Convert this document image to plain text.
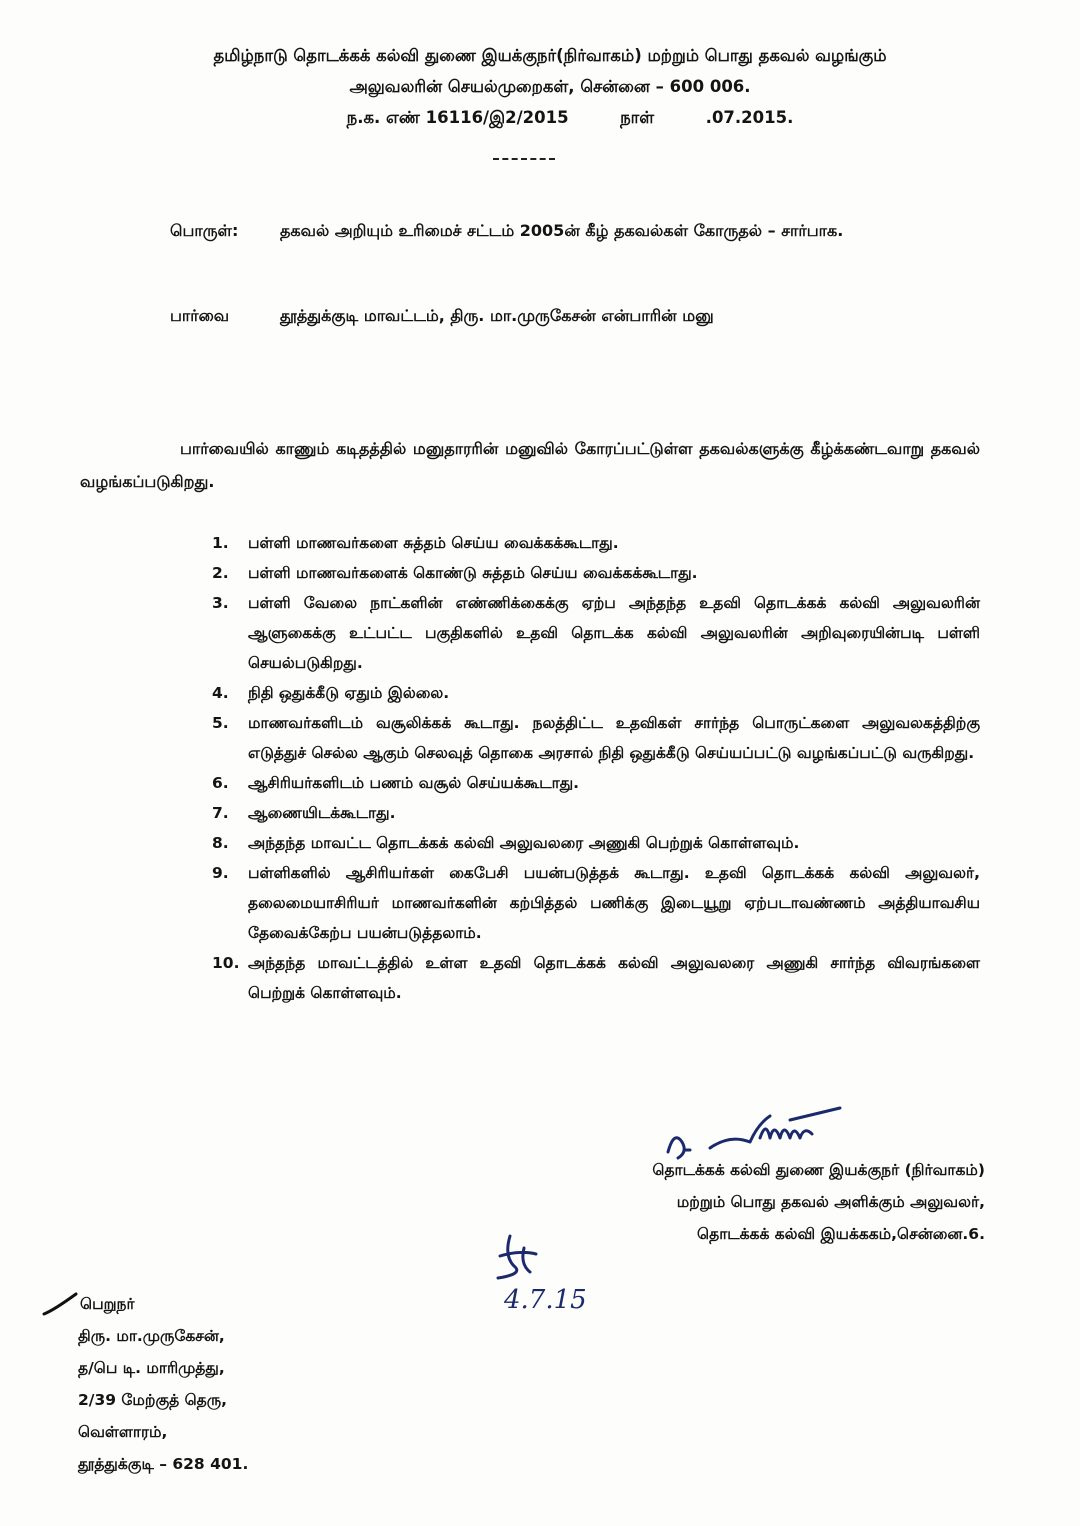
தமிழ்நாடு தொடக்கக் கல்வி துணை இயக்குநர்(நிர்வாகம்) மற்றும் பொது தகவல் வழங்கும்
அலுவலரின் செயல்முறைகள், சென்னை – 600 006.
ந.க. எண் 16116/இ2/2015	நாள்	.07.2015.
பொருள்:	தகவல் அறியும் உரிமைச் சட்டம் 2005ன் கீழ் தகவல்கள் கோருதல் – சார்பாக.
பார்வை	தூத்துக்குடி மாவட்டம், திரு. மா.முருகேசன் என்பாரின் மனு
பார்வையில் காணும் கடிதத்தில் மனுதாரரின் மனுவில் கோரப்பட்டுள்ள தகவல்களுக்கு கீழ்க்கண்டவாறு தகவல் வழங்கப்படுகிறது.
1.	பள்ளி மாணவர்களை சுத்தம் செய்ய வைக்கக்கூடாது.
2.	பள்ளி மாணவர்களைக் கொண்டு சுத்தம் செய்ய வைக்கக்கூடாது.
3.	பள்ளி வேலை நாட்களின் எண்ணிக்கைக்கு ஏற்ப அந்தந்த உதவி தொடக்கக் கல்வி அலுவலரின் ஆளுகைக்கு உட்பட்ட பகுதிகளில் உதவி தொடக்க கல்வி அலுவலரின் அறிவுரையின்படி பள்ளி செயல்படுகிறது.
4.	நிதி ஒதுக்கீடு ஏதும் இல்லை.
5.	மாணவர்களிடம் வசூலிக்கக் கூடாது. நலத்திட்ட உதவிகள் சார்ந்த பொருட்களை அலுவலகத்திற்கு எடுத்துச் செல்ல ஆகும் செலவுத் தொகை அரசால் நிதி ஒதுக்கீடு செய்யப்பட்டு வழங்கப்பட்டு வருகிறது.
6.	ஆசிரியர்களிடம் பணம் வசூல் செய்யக்கூடாது.
7.	ஆணையிடக்கூடாது.
8.	அந்தந்த மாவட்ட தொடக்கக் கல்வி அலுவலரை அணுகி பெற்றுக் கொள்ளவும்.
9.	பள்ளிகளில் ஆசிரியர்கள் கைபேசி பயன்படுத்தக் கூடாது. உதவி தொடக்கக் கல்வி அலுவலர், தலைமையாசிரியர் மாணவர்களின் கற்பித்தல் பணிக்கு இடையூறு ஏற்படாவண்ணம் அத்தியாவசிய தேவைக்கேற்ப பயன்படுத்தலாம்.
10. அந்தந்த மாவட்டத்தில் உள்ள உதவி தொடக்கக் கல்வி அலுவலரை அணுகி சார்ந்த விவரங்களை பெற்றுக் கொள்ளவும்.
தொடக்கக் கல்வி துணை இயக்குநர் (நிர்வாகம்)
மற்றும் பொது தகவல் அளிக்கும் அலுவலர்,
தொடக்கக் கல்வி இயக்ககம்,சென்னை.6.
4.7.15
பெறுநர்
திரு. மா.முருகேசன்,
த/பெ டி. மாரிமுத்து,
2/39 மேற்குத் தெரு,
வெள்ளாரம்,
தூத்துக்குடி – 628 401.
